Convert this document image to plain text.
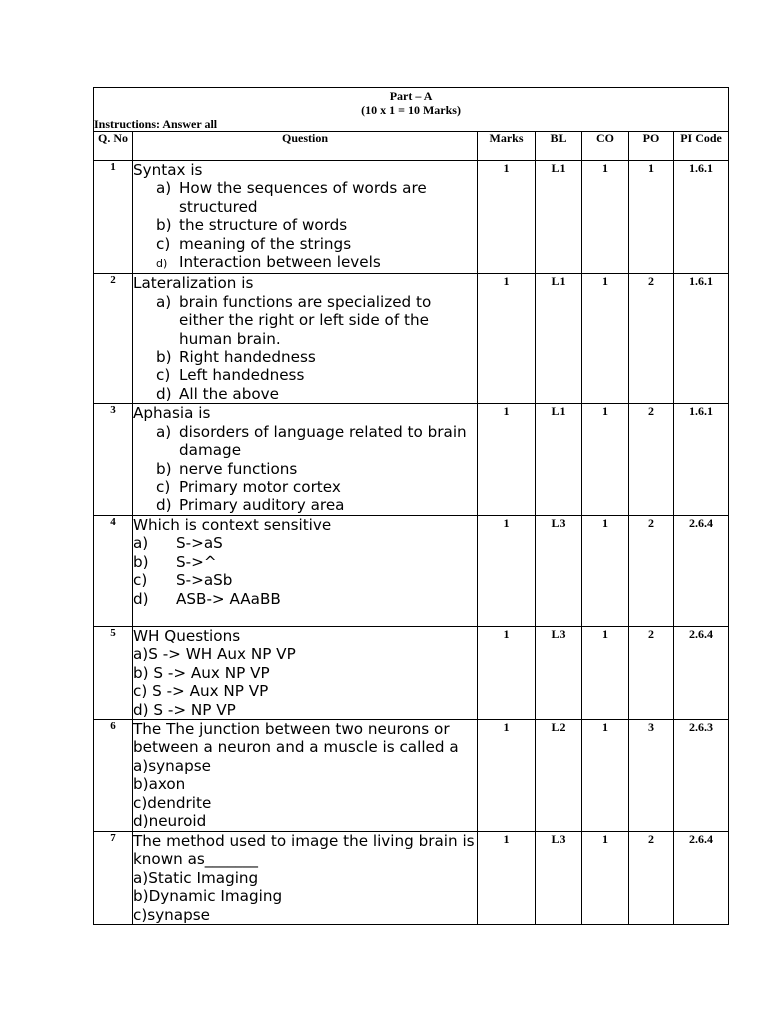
Part – A
(10 x 1 = 10 Marks)
Instructions: Answer all						

Q. No	Question	Marks	BL	CO	PO	PI Code
1	Syntax is
a) How the sequences of words are structured
b) the structure of words
c) meaning of the strings
d) Interaction between levels	1	L1	1	1	1.6.1
2	Lateralization is
a) brain functions are specialized to either the right or left side of the human brain.
b) Right handedness
c) Left handedness
d) All the above	1	L1	1	2	1.6.1
3	Aphasia is
a) disorders of language related to brain damage
b) nerve functions
c) Primary motor cortex
d) Primary auditory area	1	L1	1	2	1.6.1
4	Which is context sensitive
a) S->aS
b) S->^
c) S->aSb
d) ASB-> AAaBB	1	L3	1	2	2.6.4
5	WH Questions
a)S -> WH Aux NP VP
b) S -> Aux NP VP
c) S -> Aux NP VP
d) S -> NP VP	1	L3	1	2	2.6.4
6	The The junction between two neurons or between a neuron and a muscle is called a a)synapse
b)axon
c)dendrite
d)neuroid	1	L2	1	3	2.6.3
7	The method used to image the living brain is known as_______
a)Static Imaging
b)Dynamic Imaging
c)synapse	1	L3	1	2	2.6.4
